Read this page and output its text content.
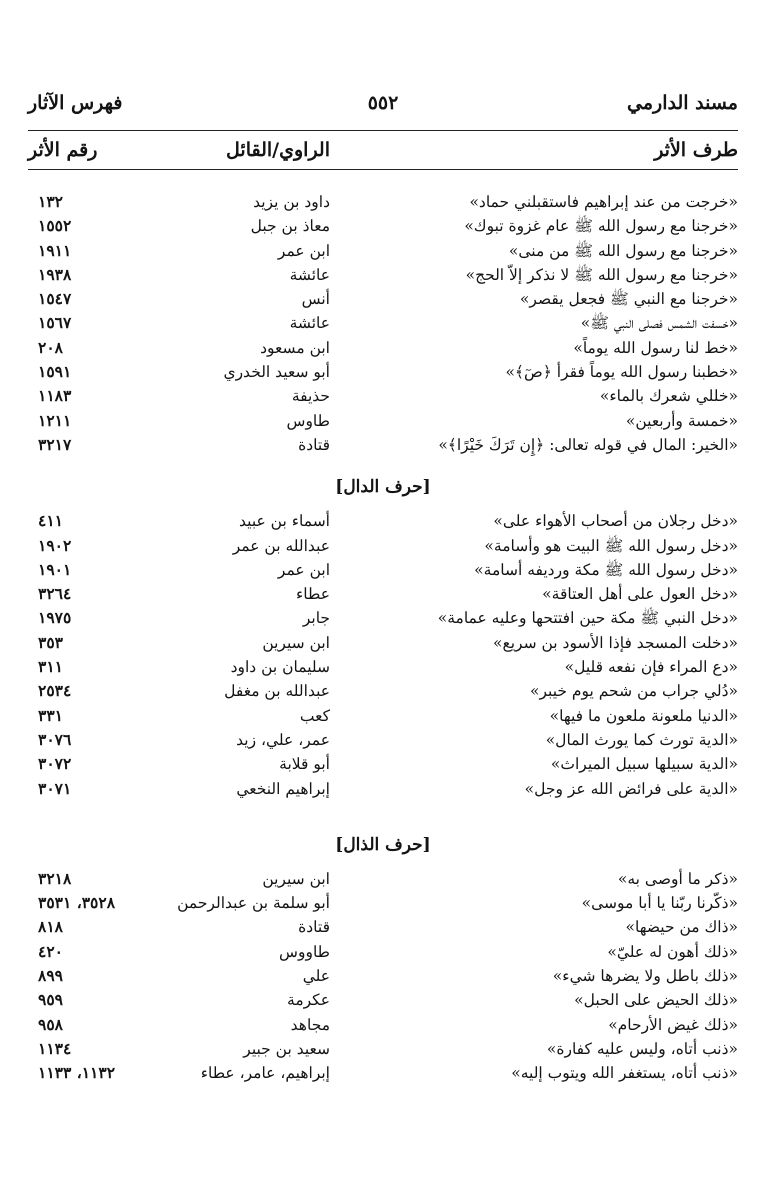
مسند الدارمي
٥٥٢
فهرس الآثار
طرف الأثر
الراوي/القائل
رقم الأثر
«خرجت من عند إبراهيم فاستقبلني حماد»
داود بن يزيد
١٣٢
«خرجنا مع رسول الله ﷺ عام غزوة تبوك»
معاذ بن جبل
١٥٥٢
«خرجنا مع رسول الله ﷺ من منى»
ابن عمر
١٩١١
«خرجنا مع رسول الله ﷺ لا نذكر إلاّ الحج»
عائشة
١٩٣٨
«خرجنا مع النبي ﷺ فجعل يقصر»
أنس
١٥٤٧
«خسفت الشمس فصلى النبي ﷺ»
عائشة
١٥٦٧
«خط لنا رسول الله يوماً»
ابن مسعود
٢٠٨
«خطبنا رسول الله يوماً فقرأ ﴿صٓ﴾»
أبو سعيد الخدري
١٥٩١
«خللي شعرك بالماء»
حذيفة
١١٨٣
«خمسة وأربعين»
طاوس
١٢١١
«الخير: المال في قوله تعالى: ﴿إِن تَرَكَ خَيْرًا﴾»
قتادة
٣٢١٧
[حرف الدال]
«دخل رجلان من أصحاب الأهواء على»
أسماء بن عبيد
٤١١
«دخل رسول الله ﷺ البيت هو وأسامة»
عبدالله بن عمر
١٩٠٢
«دخل رسول الله ﷺ مكة وردیفه أسامة»
ابن عمر
١٩٠١
«دخل العول على أهل العتاقة»
عطاء
٣٢٦٤
«دخل النبي ﷺ مكة حين افتتحها وعليه عمامة»
جابر
١٩٧٥
«دخلت المسجد فإذا الأسود بن سريع»
ابن سيرين
٣٥٣
«دع المراء فإن نفعه قليل»
سليمان بن داود
٣١١
«دُلي جراب من شحم يوم خيبر»
عبدالله بن مغفل
٢٥٣٤
«الدنيا ملعونة ملعون ما فيها»
كعب
٣٣١
«الدية تورث كما يورث المال»
عمر، علي، زيد
٣٠٧٦
«الدية سبيلها سبيل الميراث»
أبو قلابة
٣٠٧٢
«الدية على فرائض الله عز وجل»
إبراهيم النخعي
٣٠٧١
[حرف الذال]
«ذكر ما أوصى به»
ابن سيرين
٣٢١٨
«ذكّرنا ربّنا يا أبا موسى»
أبو سلمة بن عبدالرحمن
٣٥٢٨، ٣٥٣١
«ذاك من حيضها»
قتادة
٨١٨
«ذلك أهون له عليّ»
طاووس
٤٢٠
«ذلك باطل ولا يضرها شيء»
علي
٨٩٩
«ذلك الحيض على الحبل»
عكرمة
٩٥٩
«ذلك غيض الأرحام»
مجاهد
٩٥٨
«ذنب أتاه، وليس عليه كفارة»
سعيد بن جبير
١١٣٤
«ذنب أتاه، يستغفر الله ويتوب إليه»
إبراهيم، عامر، عطاء
١١٣٢، ١١٣٣
